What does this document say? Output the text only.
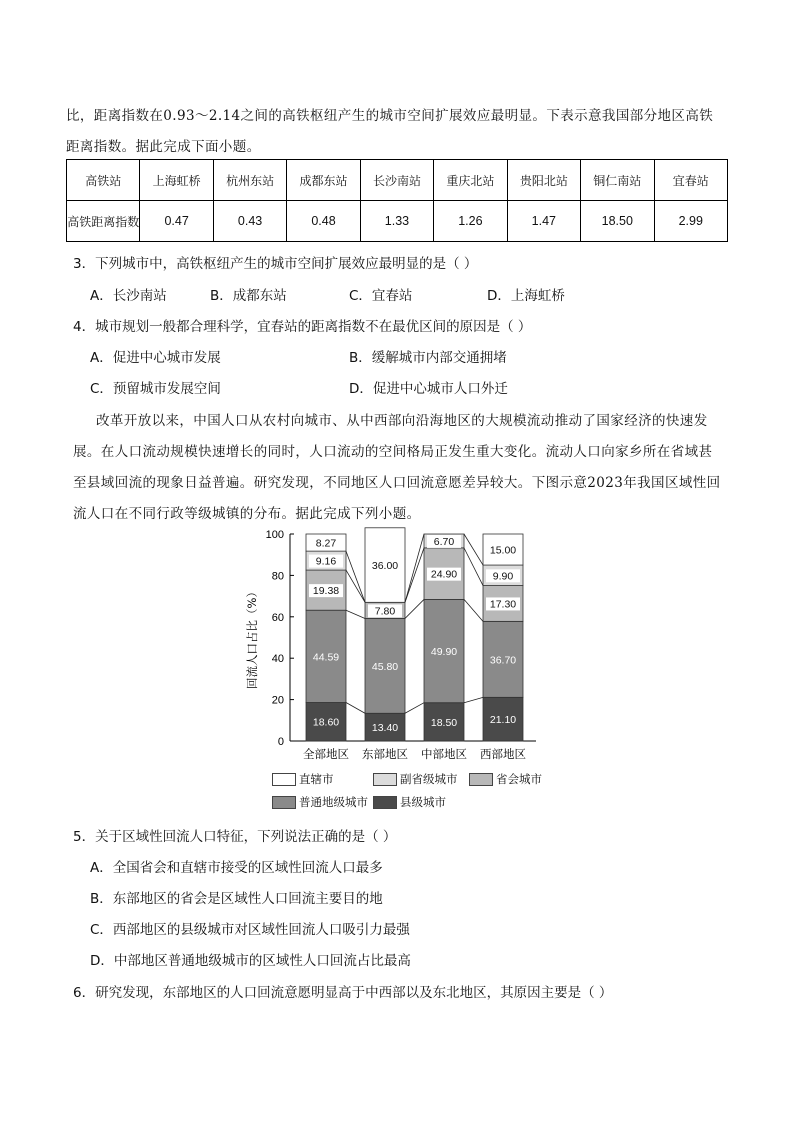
比，距离指数在0.93～2.14之间的高铁枢纽产生的城市空间扩展效应最明显。下表示意我国部分地区高铁
距离指数。据此完成下面小题。
高铁站	上海虹桥	杭州东站	成都东站	长沙南站	重庆北站	贵阳北站	铜仁南站	宜春站
高铁距离指数	0.47	0.43	0.48	1.33	1.26	1.47	18.50	2.99
3．下列城市中，高铁枢纽产生的城市空间扩展效应最明显的是（ ）
A．长沙南站	B．成都东站	C．宜春站	D．上海虹桥
4．城市规划一般都合理科学，宜春站的距离指数不在最优区间的原因是（ ）
A．促进中心城市发展	B．缓解城市内部交通拥堵
C．预留城市发展空间	D．促进中心城市人口外迁
改革开放以来，中国人口从农村向城市、从中西部向沿海地区的大规模流动推动了国家经济的快速发
展。在人口流动规模快速增长的同时，人口流动的空间格局正发生重大变化。流动人口向家乡所在省域甚
至县域回流的现象日益普遍。研究发现，不同地区人口回流意愿差异较大。下图示意2023年我国区域性回
流人口在不同行政等级城镇的分布。据此完成下列小题。
0
20
40
60
80
100
回流人口占比（%）
18.60
44.59
19.38
9.16
8.27
全部地区
13.40
45.80
7.80
36.00
东部地区
18.50
49.90
24.90
6.70
中部地区
21.10
36.70
17.30
9.90
15.00
西部地区
直辖市	副省级城市	省会城市
普通地级城市	县级城市
5．关于区域性回流人口特征，下列说法正确的是（ ）
A．全国省会和直辖市接受的区域性回流人口最多
B．东部地区的省会是区域性人口回流主要目的地
C．西部地区的县级城市对区域性回流人口吸引力最强
D．中部地区普通地级城市的区域性人口回流占比最高
6．研究发现，东部地区的人口回流意愿明显高于中西部以及东北地区，其原因主要是（ ）
